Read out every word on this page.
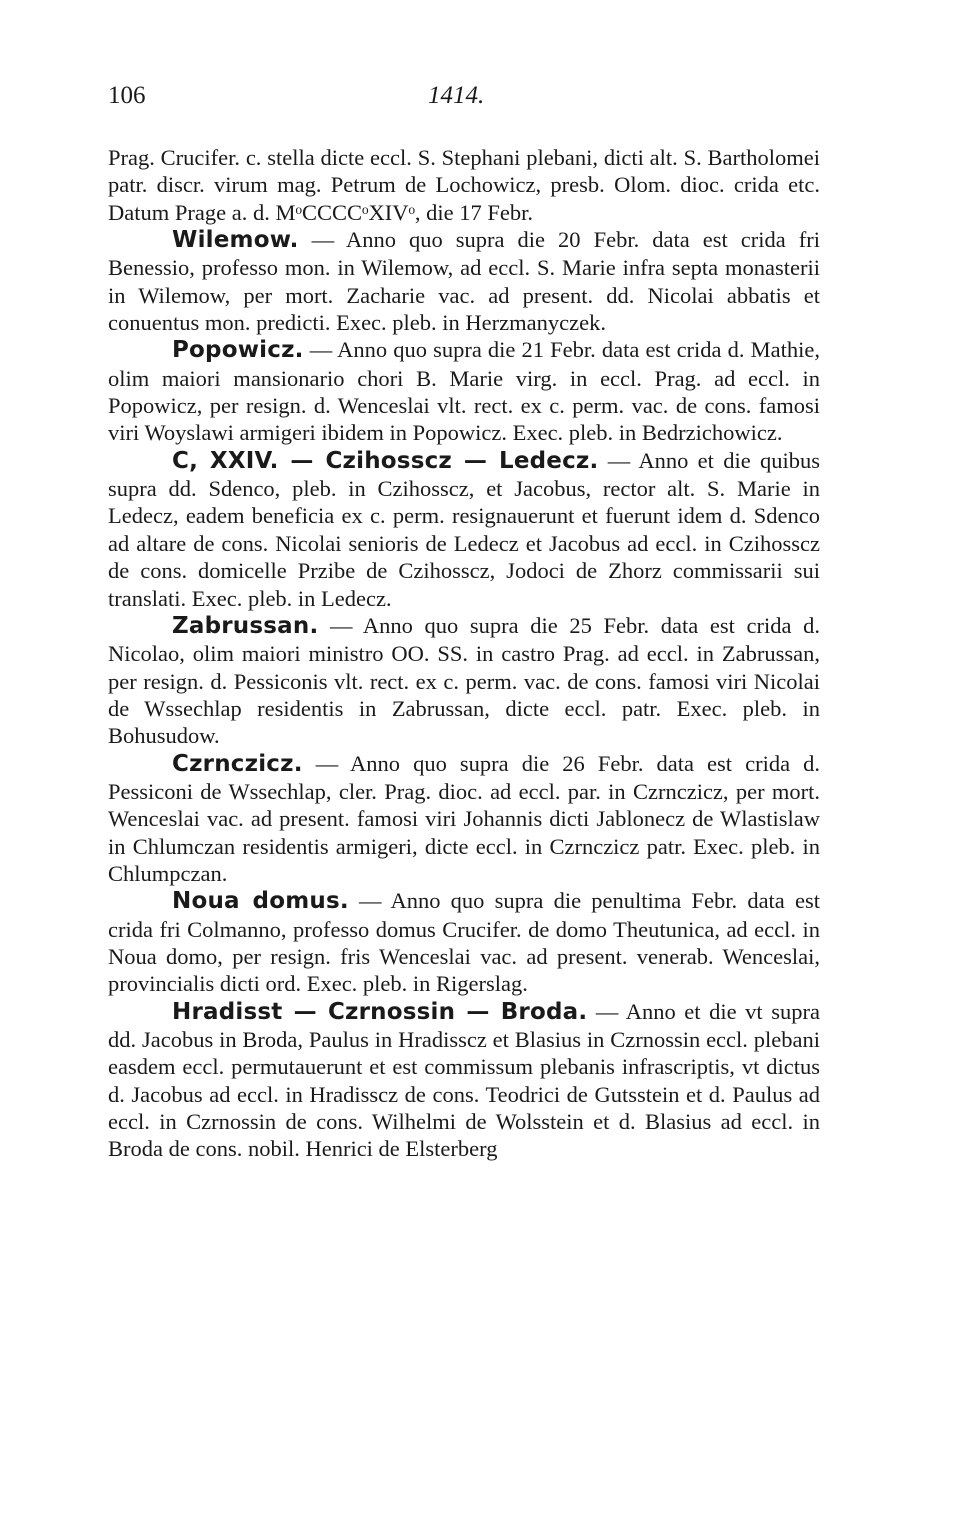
106	1414.

Prag. Crucifer. c. stella dicte eccl. S. Stephani plebani, dicti alt. S. Bartholomei patr. discr. virum mag. Petrum de Lochowicz, presb. Olom. dioc. crida etc. Datum Prage a. d. MᵒCCCCᵒXIVᵒ, die 17 Febr.

Wilemow. — Anno quo supra die 20 Febr. data est crida fri Benessio, professo mon. in Wilemow, ad eccl. S. Marie infra septa monasterii in Wilemow, per mort. Zacharie vac. ad present. dd. Nicolai abbatis et conuentus mon. predicti. Exec. pleb. in Herzmanyczek.

Popowicz. — Anno quo supra die 21 Febr. data est crida d. Mathie, olim maiori mansionario chori B. Marie virg. in eccl. Prag. ad eccl. in Popowicz, per resign. d. Wenceslai vlt. rect. ex c. perm. vac. de cons. famosi viri Woyslawi armigeri ibidem in Popowicz. Exec. pleb. in Bedrzichowicz.

C, XXIV. — Czihosscz — Ledecz. — Anno et die quibus supra dd. Sdenco, pleb. in Czihosscz, et Jacobus, rector alt. S. Marie in Ledecz, eadem beneficia ex c. perm. resignauerunt et fuerunt idem d. Sdenco ad altare de cons. Nicolai senioris de Ledecz et Jacobus ad eccl. in Czihosscz de cons. domicelle Przibe de Czihosscz, Jodoci de Zhorz commissarii sui translati. Exec. pleb. in Ledecz.

Zabrussan. — Anno quo supra die 25 Febr. data est crida d. Nicolao, olim maiori ministro OO. SS. in castro Prag. ad eccl. in Zabrussan, per resign. d. Pessiconis vlt. rect. ex c. perm. vac. de cons. famosi viri Nicolai de Wssechlap residentis in Zabrussan, dicte eccl. patr. Exec. pleb. in Bohusudow.

Czrnczicz. — Anno quo supra die 26 Febr. data est crida d. Pessiconi de Wssechlap, cler. Prag. dioc. ad eccl. par. in Czrnczicz, per mort. Wenceslai vac. ad present. famosi viri Johannis dicti Jablonecz de Wlastislaw in Chlumczan residentis armigeri, dicte eccl. in Czrnczicz patr. Exec. pleb. in Chlumpczan.

Noua domus. — Anno quo supra die penultima Febr. data est crida fri Colmanno, professo domus Crucifer. de domo Theutunica, ad eccl. in Noua domo, per resign. fris Wenceslai vac. ad present. venerab. Wenceslai, provincialis dicti ord. Exec. pleb. in Rigerslag.

Hradisst — Czrnossin — Broda. — Anno et die vt supra dd. Jacobus in Broda, Paulus in Hradisscz et Blasius in Czrnossin eccl. plebani easdem eccl. permutauerunt et est commissum plebanis infrascriptis, vt dictus d. Jacobus ad eccl. in Hradisscz de cons. Teodrici de Gutsstein et d. Paulus ad eccl. in Czrnossin de cons. Wilhelmi de Wolsstein et d. Blasius ad eccl. in Broda de cons. nobil. Henrici de Elsterberg
